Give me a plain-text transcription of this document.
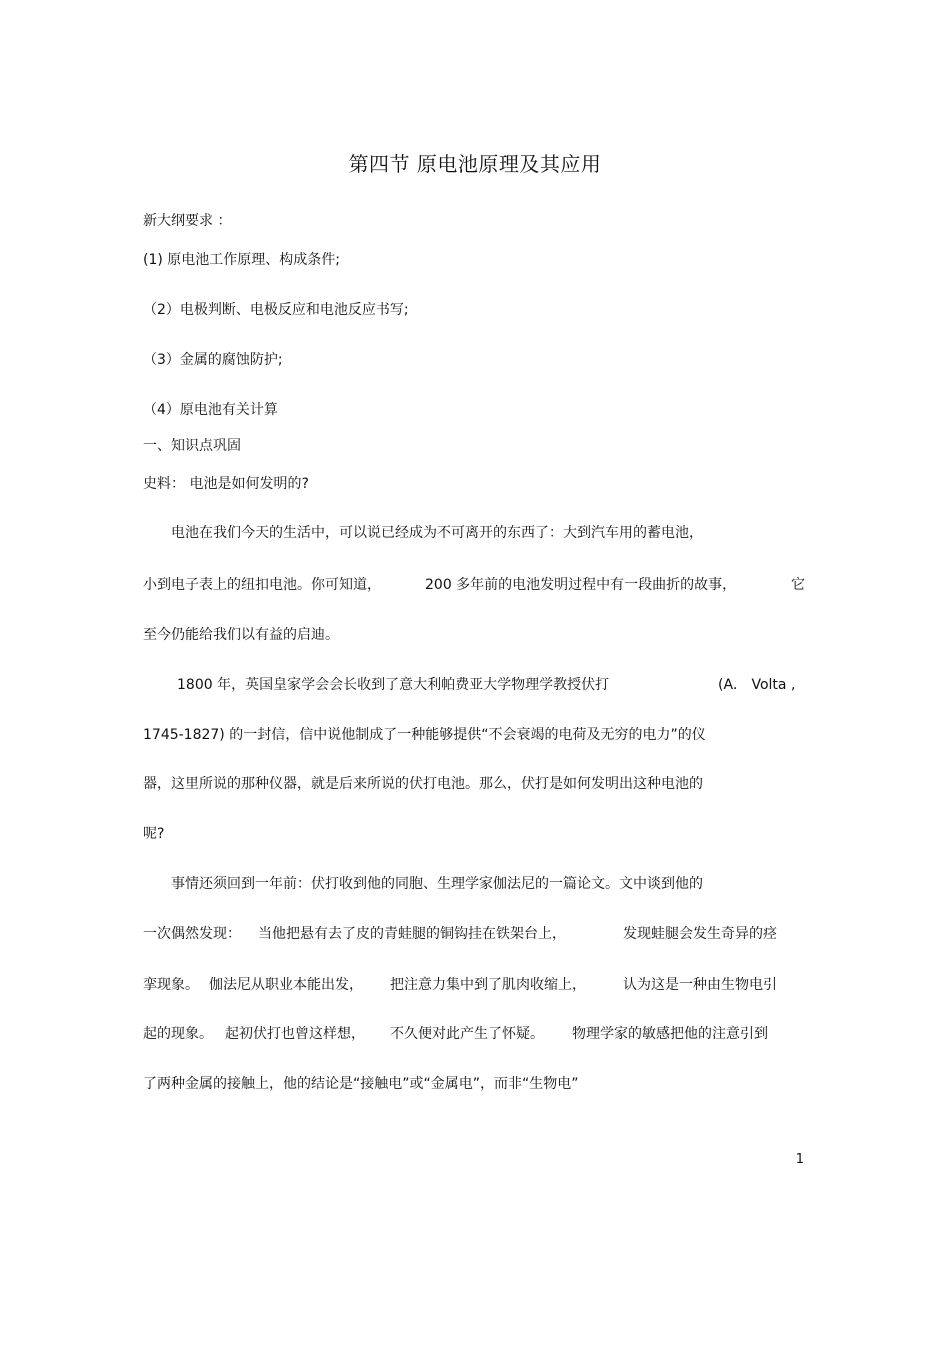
第四节 原电池原理及其应用
新大纲要求 ：
(1) 原电池工作原理、构成条件;
（2）电极判断、电极反应和电池反应书写;
（3）金属的腐蚀防护;
（4）原电池有关计算
一、知识点巩固
史料： 电池是如何发明的?
电池在我们今天的生活中，可以说已经成为不可离开的东西了：大到汽车用的蓄电池，
小到电子表上的纽扣电池。你可知道，	200 多年前的电池发明过程中有一段曲折的故事，	它
至今仍能给我们以有益的启迪。
1800 年，英国皇家学会会长收到了意大利帕费亚大学物理学教授伏打	(A． Volta ,
1745-1827) 的一封信，信中说他制成了一种能够提供“不会衰竭的电荷及无穷的电力”的仪
器，这里所说的那种仪器，就是后来所说的伏打电池。那么，伏打是如何发明出这种电池的
呢?
事情还须回到一年前：伏打收到他的同胞、生理学家伽法尼的一篇论文。文中谈到他的
一次偶然发现： 当他把悬有去了皮的青蛙腿的铜钩挂在铁架台上，	发现蛙腿会发生奇异的痉
挛现象。 伽法尼从职业本能出发， 把注意力集中到了肌肉收缩上，	认为这是一种由生物电引
起的现象。 起初伏打也曾这样想， 不久便对此产生了怀疑。 物理学家的敏感把他的注意引到
了两种金属的接触上，他的结论是“接触电”或“金属电”，而非“生物电”
1
